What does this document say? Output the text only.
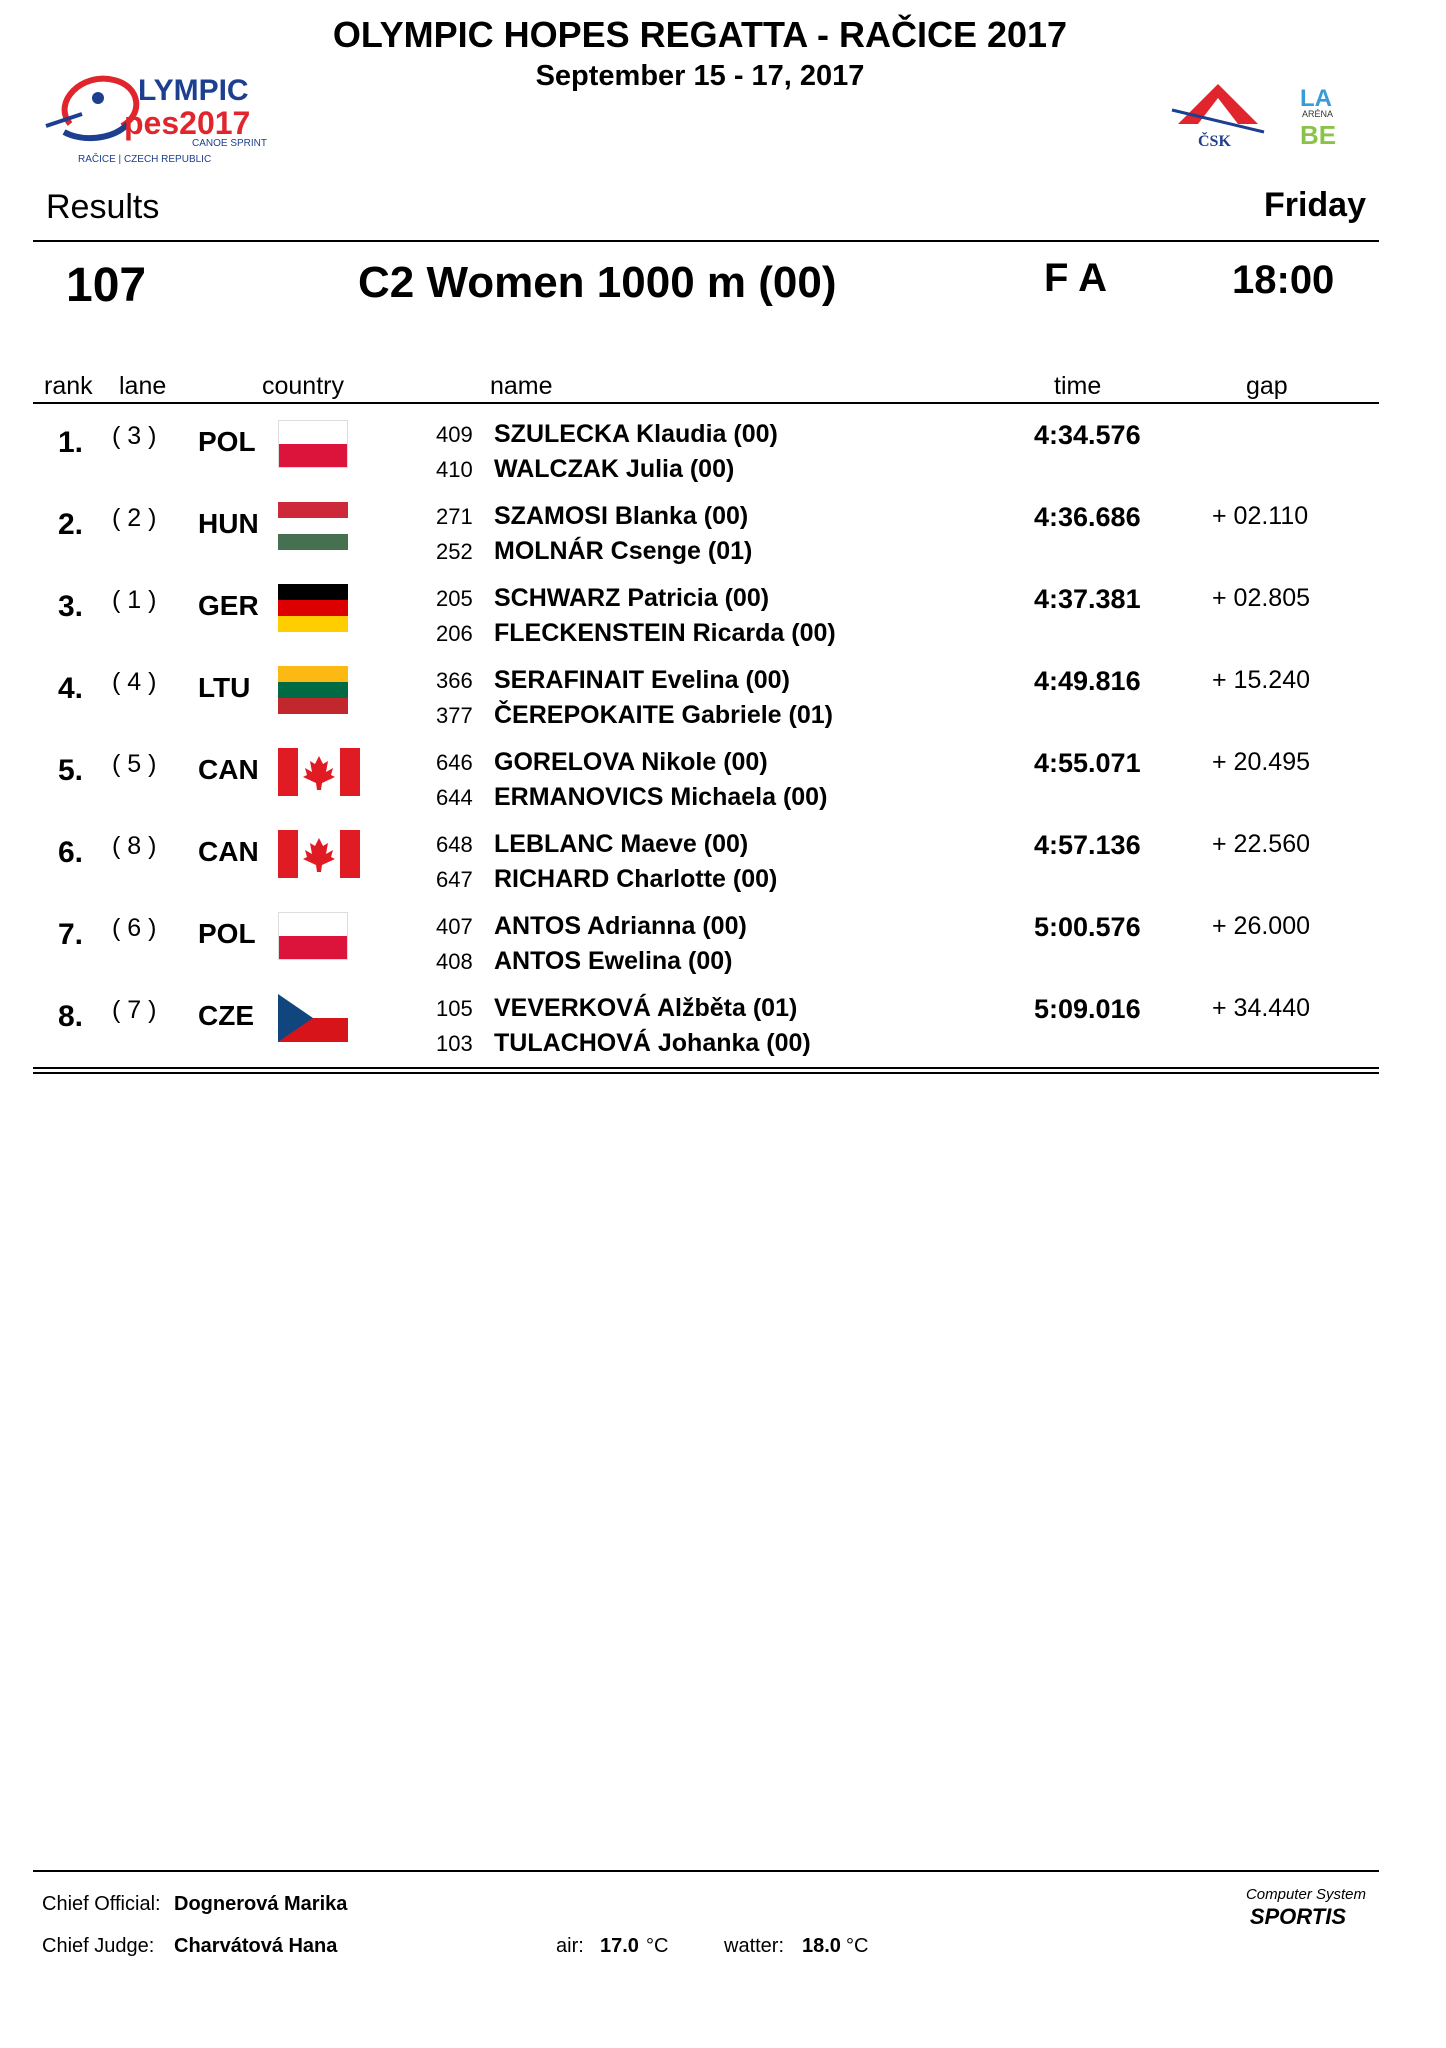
OLYMPIC HOPES REGATTA - RAČICE 2017
September 15 - 17, 2017
LYMPIC
pes2017
CANOE SPRINT
RAČICE | CZECH REPUBLIC
ČSK
LA
ARÉNA
BE
Results	Friday
107	C2 Women 1000 m (00)	F A	18:00
rank lane	country	name	time	gap
1. ( 3 ) POL	409 SZULECKA Klaudia (00)
410 WALCZAK Julia (00)
4:34.576
2. ( 2 ) HUN	271 SZAMOSI Blanka (00)
252 MOLNÁR Csenge (01)
4:36.686	+ 02.110
3. ( 1 ) GER	205 SCHWARZ Patricia (00)
206 FLECKENSTEIN Ricarda (00)
4:37.381	+ 02.805
4. ( 4 ) LTU	366 SERAFINAIT Evelina (00)
377 ČEREPOKAITE Gabriele (01)
4:49.816	+ 15.240
5. ( 5 ) CAN	646 GORELOVA Nikole (00)
644 ERMANOVICS Michaela (00)
4:55.071	+ 20.495
6. ( 8 ) CAN	648 LEBLANC Maeve (00)
647 RICHARD Charlotte (00)
4:57.136	+ 22.560
7. ( 6 ) POL	407 ANTOS Adrianna (00)
408 ANTOS Ewelina (00)
5:00.576	+ 26.000
8. ( 7 ) CZE	105 VEVERKOVÁ Alžběta (01)
103 TULACHOVÁ Johanka (00)
5:09.016	+ 34.440
Chief Official: Dognerová Marika
Chief Judge: Charvátová Hana	air: 17.0 °C	watter: 18.0 °C
Computer System
SPORTIS
